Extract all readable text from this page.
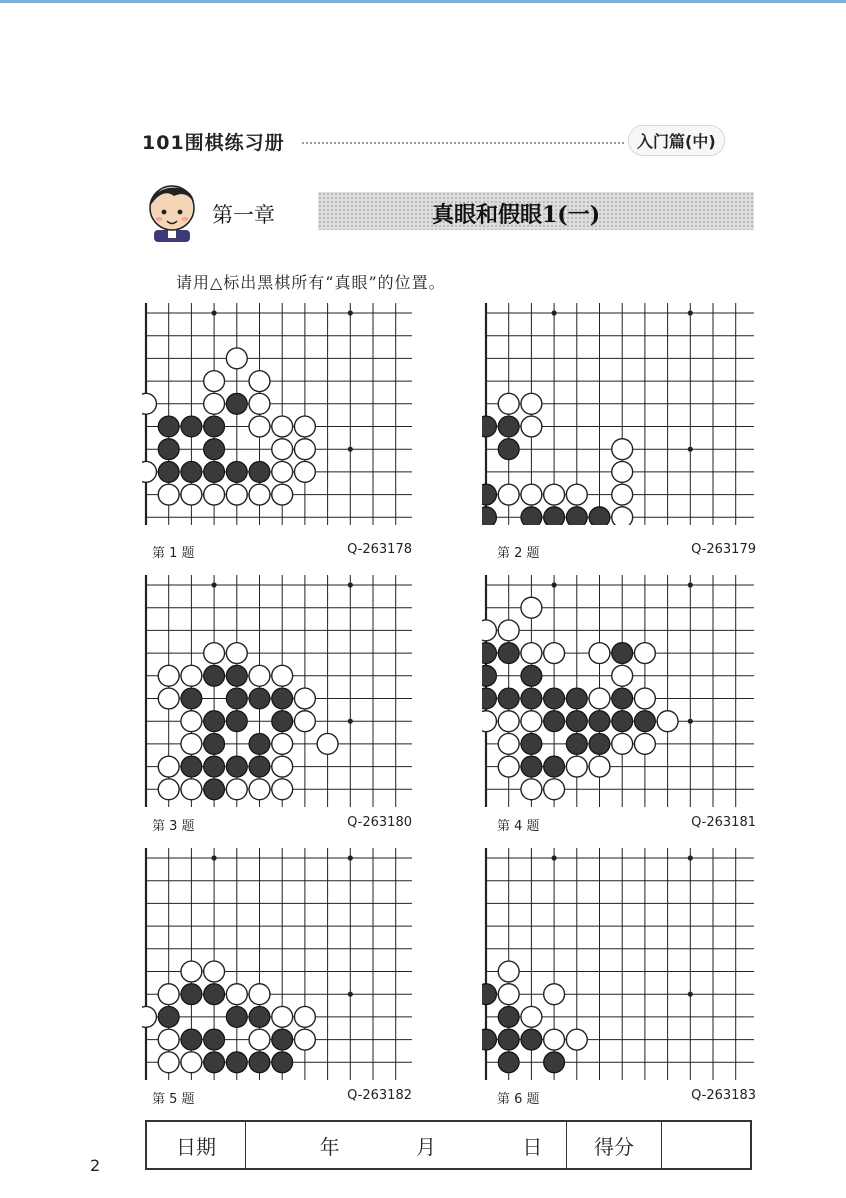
101围棋练习册	入门篇(中)
第一章	真眼和假眼1(一)
请用△标出黑棋所有“真眼”的位置。
第 1 题	Q-263178	第 2 题	Q-263179
第 3 题	Q-263180	第 4 题	Q-263181
第 5 题	Q-263182	第 6 题	Q-263183
日期	年	月	日	得分	
2
